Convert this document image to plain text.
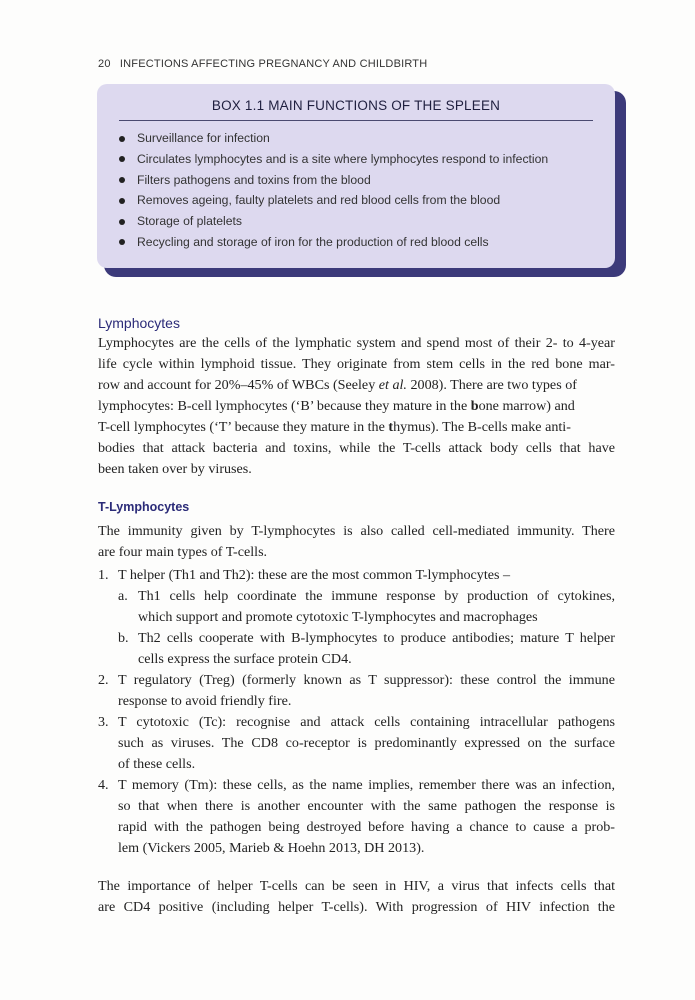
20 INFECTIONS AFFECTING PREGNANCY AND CHILDBIRTH
BOX 1.1 MAIN FUNCTIONS OF THE SPLEEN
Surveillance for infection
Circulates lymphocytes and is a site where lymphocytes respond to infection
Filters pathogens and toxins from the blood
Removes ageing, faulty platelets and red blood cells from the blood
Storage of platelets
Recycling and storage of iron for the production of red blood cells
Lymphocytes
Lymphocytes are the cells of the lymphatic system and spend most of their 2- to 4-year
life cycle within lymphoid tissue. They originate from stem cells in the red bone mar-
row and account for 20%–45% of WBCs (Seeley et al. 2008). There are two types of
lymphocytes: B-cell lymphocytes (‘B’ because they mature in the bone marrow) and
T-cell lymphocytes (‘T’ because they mature in the thymus). The B-cells make anti-
bodies that attack bacteria and toxins, while the T-cells attack body cells that have
been taken over by viruses.
T-Lymphocytes
The immunity given by T-lymphocytes is also called cell-mediated immunity. There
are four main types of T-cells.
1. T helper (Th1 and Th2): these are the most common T-lymphocytes –
a. Th1 cells help coordinate the immune response by production of cytokines,
which support and promote cytotoxic T-lymphocytes and macrophages
b. Th2 cells cooperate with B-lymphocytes to produce antibodies; mature T helper
cells express the surface protein CD4.
2. T regulatory (Treg) (formerly known as T suppressor): these control the immune
response to avoid friendly fire.
3. T cytotoxic (Tc): recognise and attack cells containing intracellular pathogens
such as viruses. The CD8 co-receptor is predominantly expressed on the surface
of these cells.
4. T memory (Tm): these cells, as the name implies, remember there was an infection,
so that when there is another encounter with the same pathogen the response is
rapid with the pathogen being destroyed before having a chance to cause a prob-
lem (Vickers 2005, Marieb & Hoehn 2013, DH 2013).
The importance of helper T-cells can be seen in HIV, a virus that infects cells that
are CD4 positive (including helper T-cells). With progression of HIV infection the
